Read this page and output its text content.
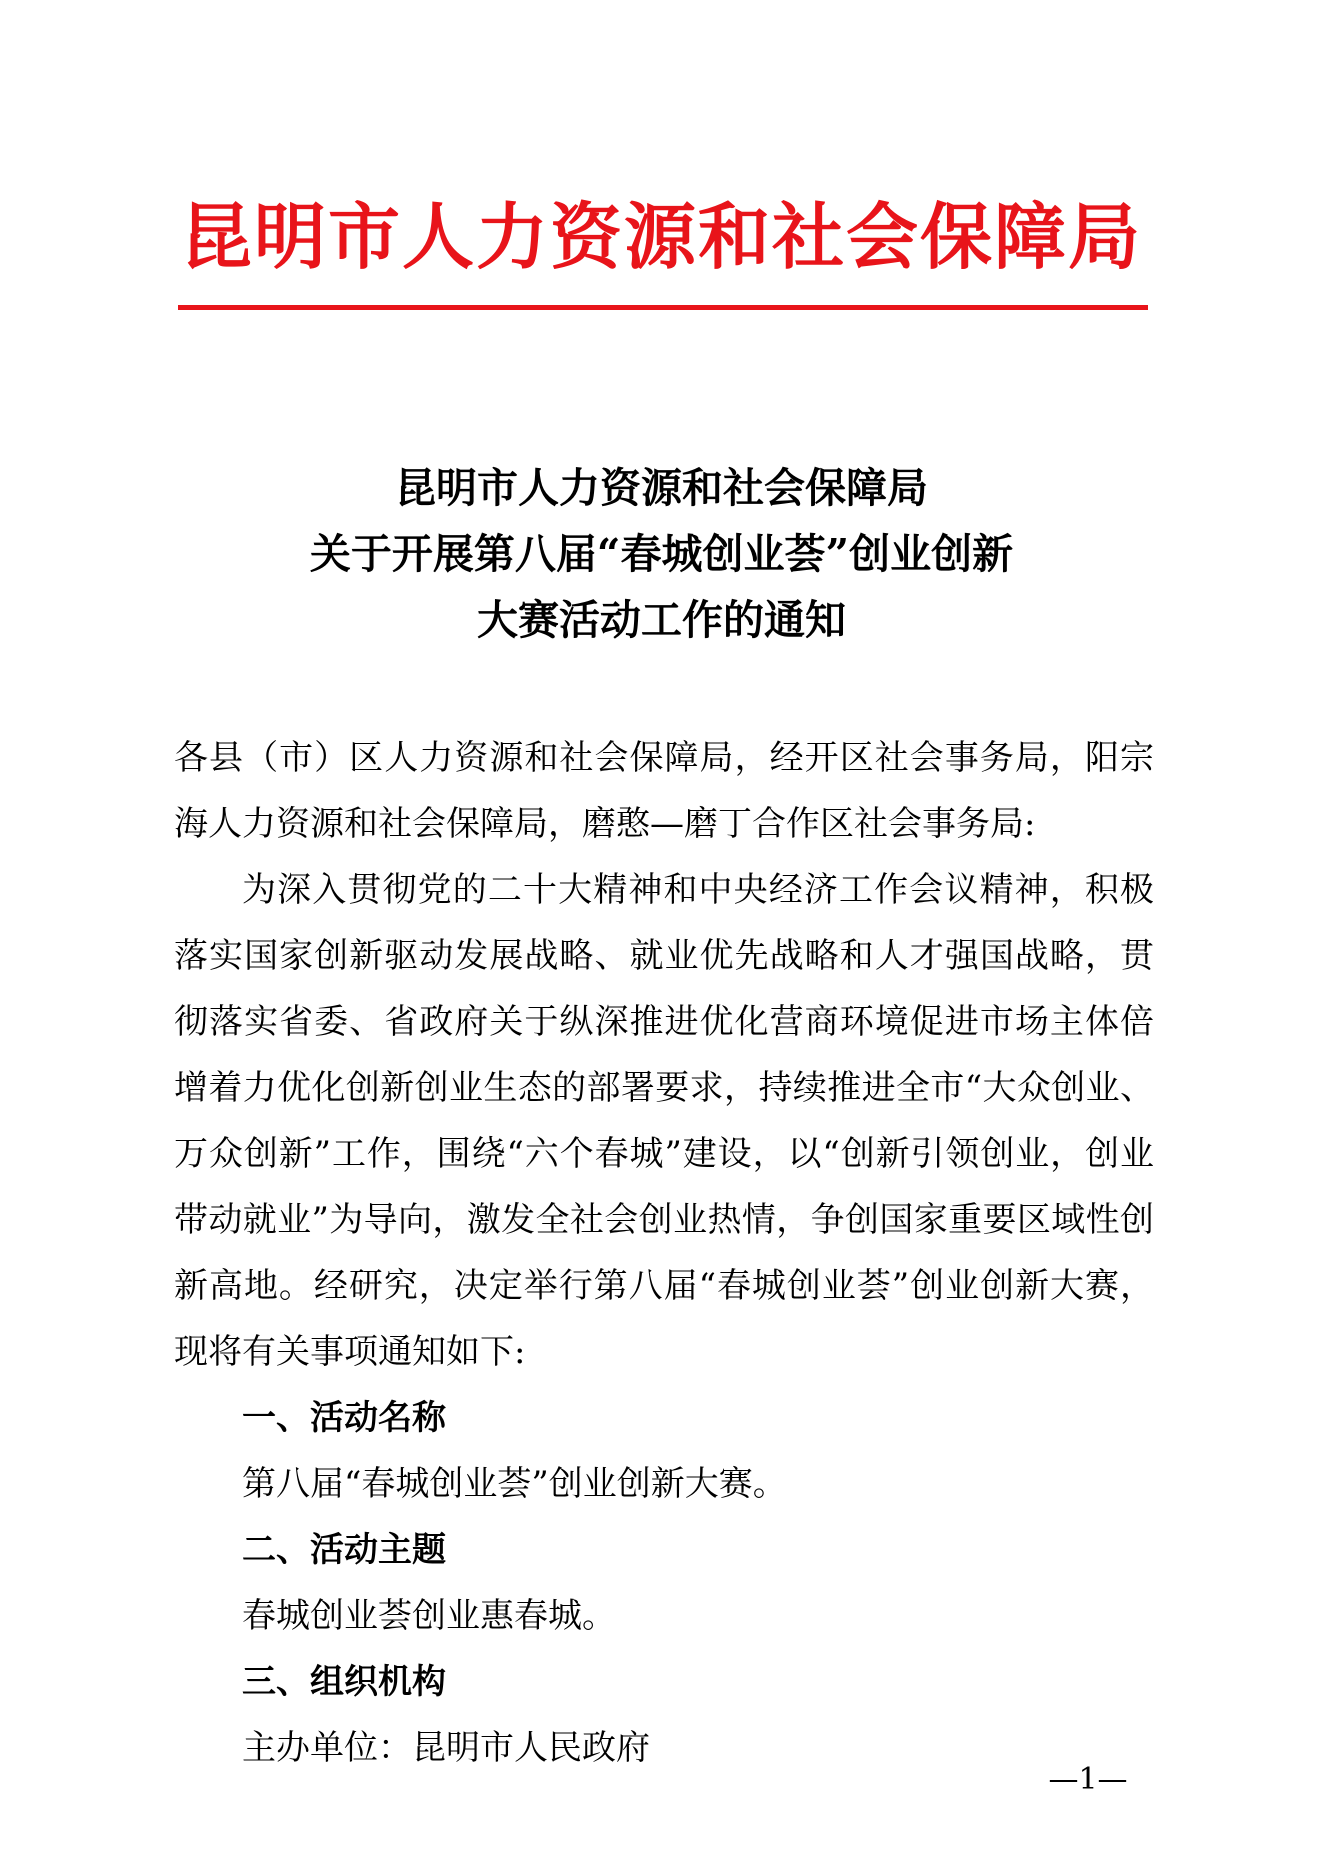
昆明市人力资源和社会保障局
昆明市人力资源和社会保障局
关于开展第八届“春城创业荟”创业创新
大赛活动工作的通知

各县（市）区人力资源和社会保障局，经开区社会事务局，阳宗海人力资源和社会保障局，磨憨—磨丁合作区社会事务局:

为深入贯彻党的二十大精神和中央经济工作会议精神，积极落实国家创新驱动发展战略、就业优先战略和人才强国战略，贯彻落实省委、省政府关于纵深推进优化营商环境促进市场主体倍增着力优化创新创业生态的部署要求，持续推进全市“大众创业、万众创新”工作，围绕“六个春城”建设，以“创新引领创业，创业带动就业”为导向，激发全社会创业热情，争创国家重要区域性创新高地。经研究，决定举行第八届“春城创业荟”创业创新大赛，现将有关事项通知如下:

一、活动名称

第八届“春城创业荟”创业创新大赛。

二、活动主题

春城创业荟创业惠春城。

三、组织机构

主办单位：昆明市人民政府

—1—
